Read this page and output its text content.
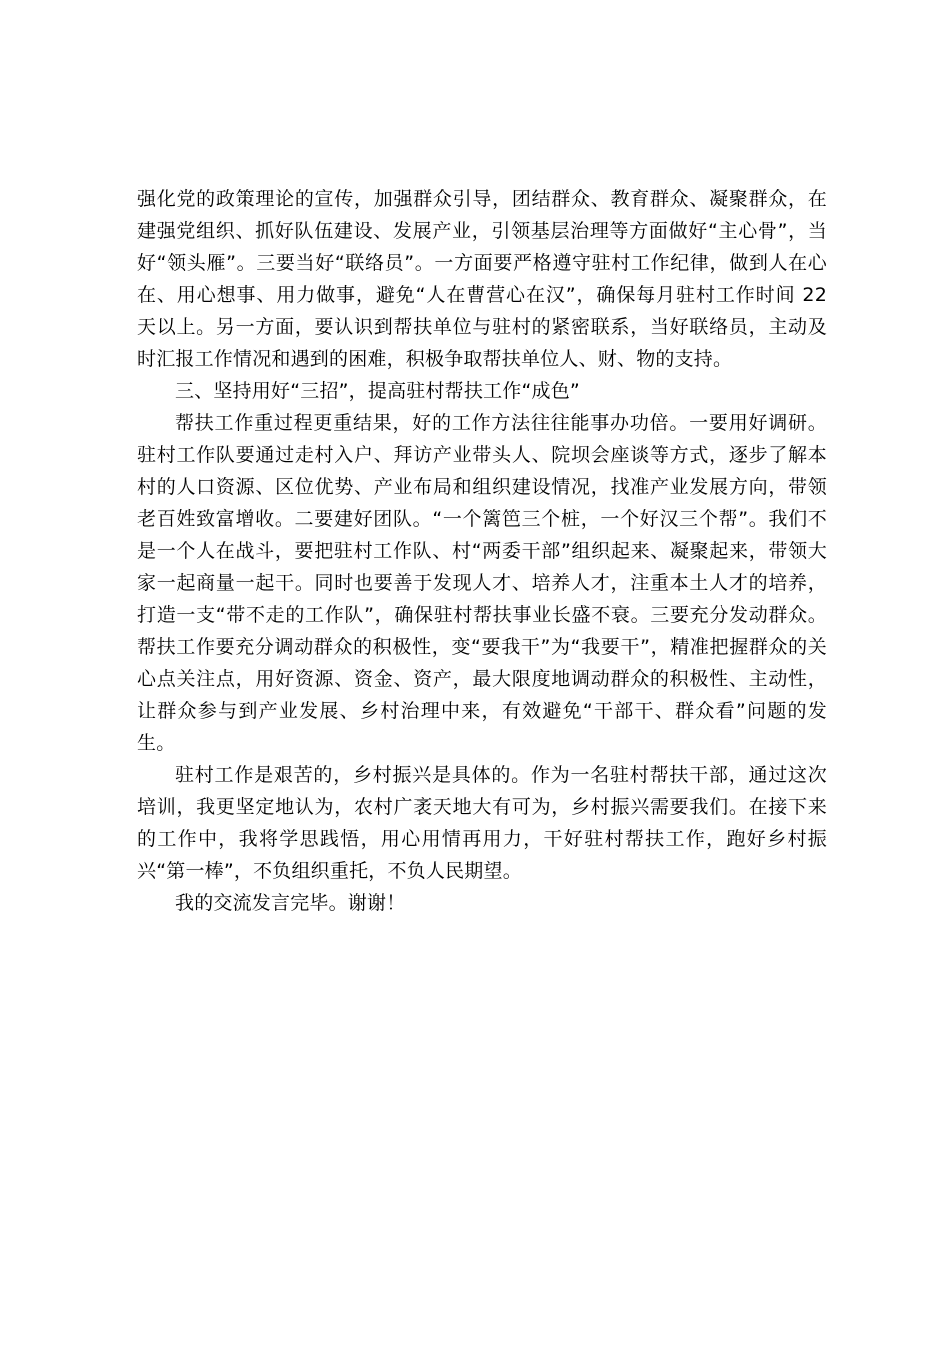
强化党的政策理论的宣传，加强群众引导，团结群众、教育群众、凝聚群众，在建强党组织、抓好队伍建设、发展产业，引领基层治理等方面做好“主心骨”，当好“领头雁”。三要当好“联络员”。一方面要严格遵守驻村工作纪律，做到人在心在、用心想事、用力做事，避免“人在曹营心在汉”，确保每月驻村工作时间 22 天以上。另一方面，要认识到帮扶单位与驻村的紧密联系，当好联络员，主动及时汇报工作情况和遇到的困难，积极争取帮扶单位人、财、物的支持。

三、坚持用好“三招”，提高驻村帮扶工作“成色”

帮扶工作重过程更重结果，好的工作方法往往能事办功倍。一要用好调研。驻村工作队要通过走村入户、拜访产业带头人、院坝会座谈等方式，逐步了解本村的人口资源、区位优势、产业布局和组织建设情况，找准产业发展方向，带领老百姓致富增收。二要建好团队。“一个篱笆三个桩，一个好汉三个帮”。我们不是一个人在战斗，要把驻村工作队、村“两委干部”组织起来、凝聚起来，带领大家一起商量一起干。同时也要善于发现人才、培养人才，注重本土人才的培养，打造一支“带不走的工作队”，确保驻村帮扶事业长盛不衰。三要充分发动群众。帮扶工作要充分调动群众的积极性，变“要我干”为“我要干”，精准把握群众的关心点关注点，用好资源、资金、资产，最大限度地调动群众的积极性、主动性，让群众参与到产业发展、乡村治理中来，有效避免“干部干、群众看”问题的发生。

驻村工作是艰苦的，乡村振兴是具体的。作为一名驻村帮扶干部，通过这次培训，我更坚定地认为，农村广袤天地大有可为，乡村振兴需要我们。在接下来的工作中，我将学思践悟，用心用情再用力，干好驻村帮扶工作，跑好乡村振兴“第一棒”，不负组织重托，不负人民期望。

我的交流发言完毕。谢谢！
